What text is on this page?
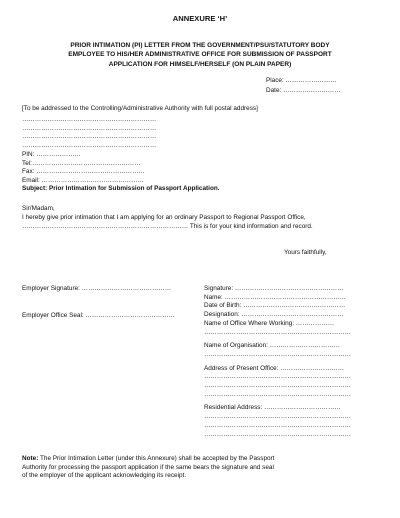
ANNEXURE ‘H’
PRIOR INTIMATION (PI) LETTER FROM THE GOVERNMENT/PSU/STATUTORY BODY
EMPLOYEE TO HIS/HER ADMINISTRATIVE OFFICE FOR SUBMISSION OF PASSPORT
APPLICATION FOR HIMSELF/HERSELF (ON PLAIN PAPER)
Place: ……………………
Date: ………………………
[To be addressed to the Controlling/Administrative Authority with full postal address]
………………………………………………………
………………………………………………………
………………………………………………………
………………………………………………………
PIN: …………………
Tel:……………………………………………
Fax: ……………………………………………
Email: …………………………………………
Subject: Prior Intimation for Submission of Passport Application.
Sir/Madam,
I hereby give prior intimation that I am applying for an ordinary Passport to Regional Passport Office,
…………………………………………………………………… This is for your kind information and record.
Yours faithfully,
Employer Signature: ……………………………………
Employer Office Seal: ……………………………………
Signature: ……………………………………………
Name: …………………………………………………
Date of Birth: …………………………………………
Designation: …………………………………………
Name of Office Where Working: ………………
……………………………………………………………
Name of Organisation: ……………………………
……………………………………………………………
Address of Present Office: …………………………
……………………………………………………………
……………………………………………………………
……………………………………………………………
Residential Address: ………………………………
……………………………………………………………
……………………………………………………………
……………………………………………………………
Note: The Prior Intimation Letter (under this Annexure) shall be accepted by the Passport
Authority for processing the passport application if the same bears the signature and seal
of the employer of the applicant acknowledging its receipt.
